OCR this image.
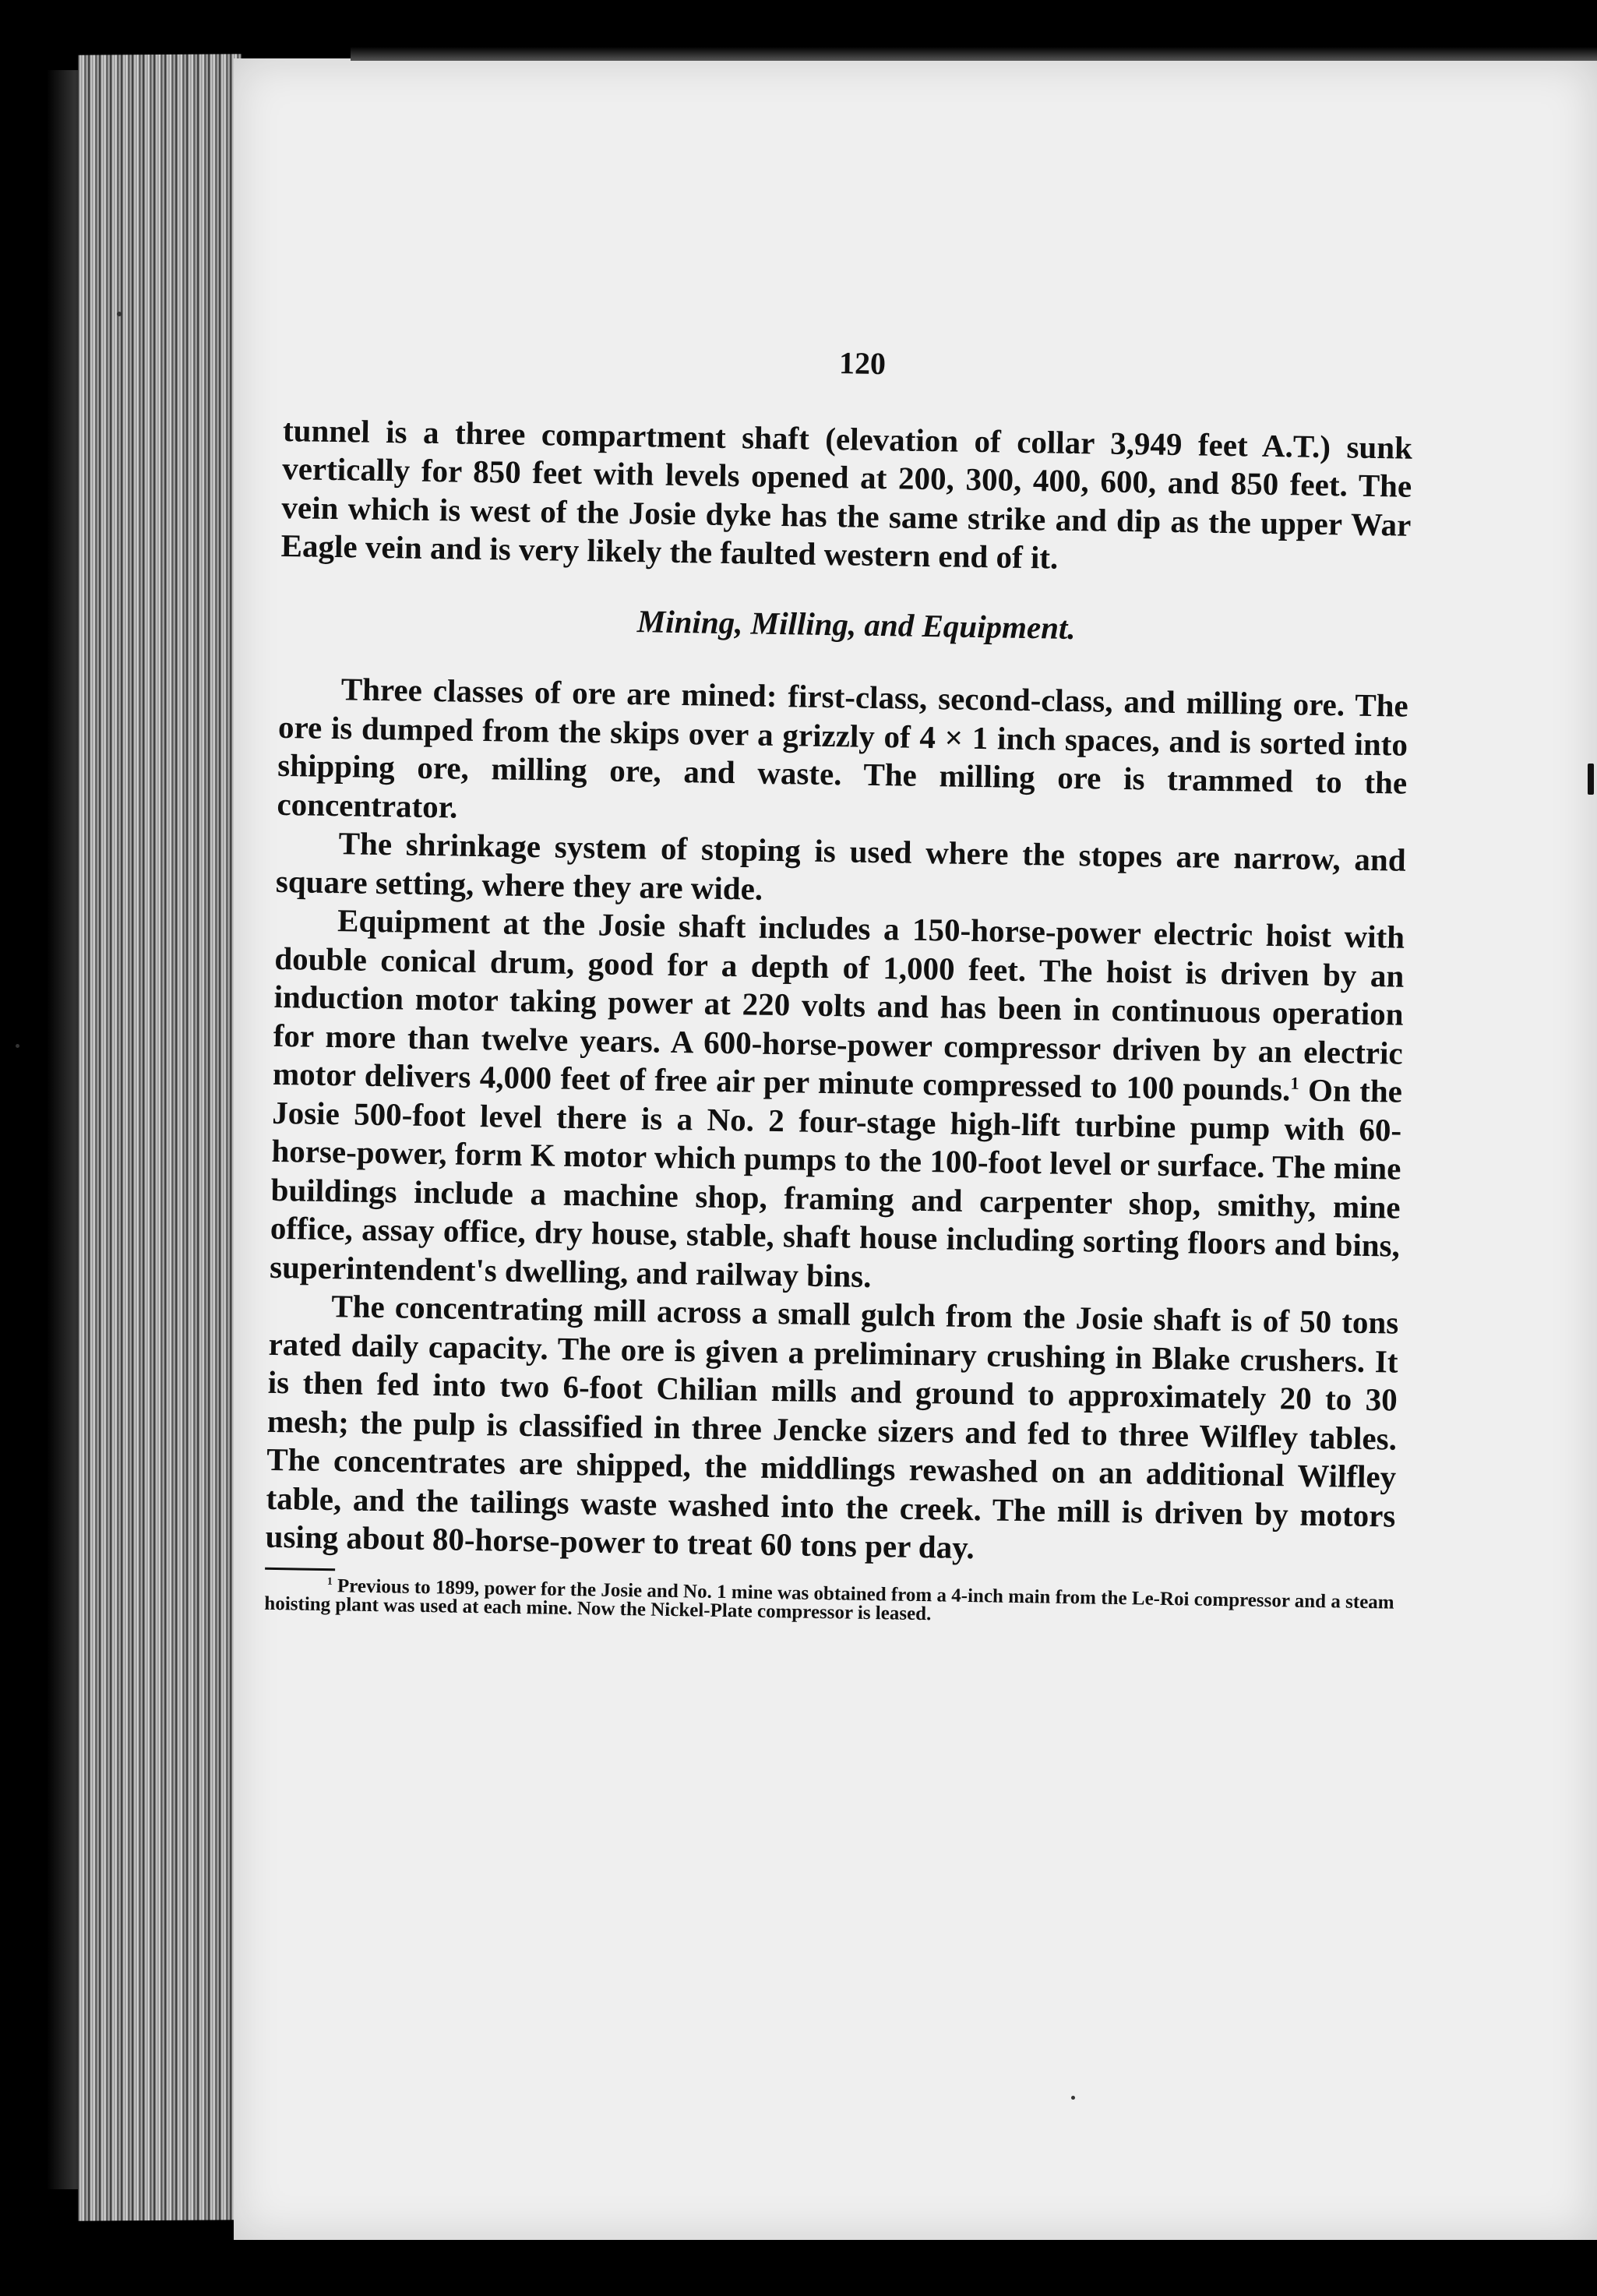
120

tunnel is a three compartment shaft (elevation of collar 3,949 feet A.T.) sunk vertically for 850 feet with levels opened at 200, 300, 400, 600, and 850 feet. The vein which is west of the Josie dyke has the same strike and dip as the upper War Eagle vein and is very likely the faulted western end of it.

Mining, Milling, and Equipment.

Three classes of ore are mined: first-class, second-class, and milling ore. The ore is dumped from the skips over a grizzly of 4 × 1 inch spaces, and is sorted into shipping ore, milling ore, and waste. The milling ore is trammed to the concentrator.

The shrinkage system of stoping is used where the stopes are narrow, and square setting, where they are wide.

Equipment at the Josie shaft includes a 150-horse-power electric hoist with double conical drum, good for a depth of 1,000 feet. The hoist is driven by an induction motor taking power at 220 volts and has been in continuous operation for more than twelve years. A 600-horse-power compressor driven by an electric motor delivers 4,000 feet of free air per minute compressed to 100 pounds.$^1$ On the Josie 500-foot level there is a No. 2 four-stage high-lift turbine pump with 60-horse-power, form K motor which pumps to the 100-foot level or surface. The mine buildings include a machine shop, framing and carpenter shop, smithy, mine office, assay office, dry house, stable, shaft house including sorting floors and bins, superintendent's dwelling, and railway bins.

The concentrating mill across a small gulch from the Josie shaft is of 50 tons rated daily capacity. The ore is given a preliminary crushing in Blake crushers. It is then fed into two 6-foot Chilian mills and ground to approximately 20 to 30 mesh; the pulp is classified in three Jencke sizers and fed to three Wilfley tables. The concentrates are shipped, the middlings rewashed on an additional Wilfley table, and the tailings waste washed into the creek. The mill is driven by motors using about 80-horse-power to treat 60 tons per day.

$^1$ Previous to 1899, power for the Josie and No. 1 mine was obtained from a 4-inch main from the Le-Roi compressor and a steam hoisting plant was used at each mine. Now the Nickel-Plate compressor is leased.
